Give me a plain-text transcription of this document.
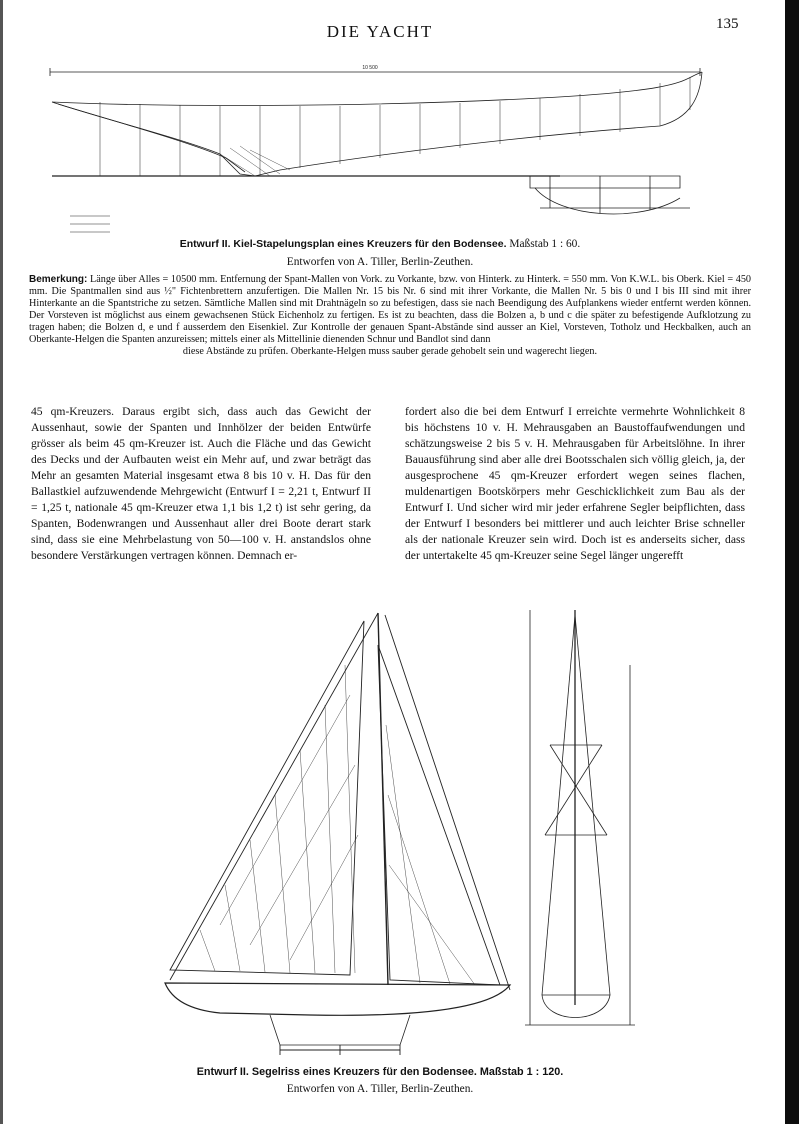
DIE YACHT	135
10 500
Entwurf II. Kiel-Stapelungsplan eines Kreuzers für den Bodensee. Maßstab 1 : 60.
Entworfen von A. Tiller, Berlin-Zeuthen.
Bemerkung: Länge über Alles = 10500 mm. Entfernung der Spant-Mallen von Vork. zu Vorkante, bzw. von Hinterk. zu Hinterk. = 550 mm. Von K.W.L. bis Oberk. Kiel = 450 mm. Die Spantmallen sind aus ½" Fichtenbrettern anzufertigen. Die Mallen Nr. 15 bis Nr. 6 sind mit ihrer Vorkante, die Mallen Nr. 5 bis 0 und I bis III sind mit ihrer Hinterkante an die Spantstriche zu setzen. Sämtliche Mallen sind mit Drahtnägeln so zu befestigen, dass sie nach Beendigung des Aufplankens wieder entfernt werden können. Der Vorsteven ist möglichst aus einem gewachsenen Stück Eichenholz zu fertigen. Es ist zu beachten, dass die Bolzen a, b und c die später zu befestigende Aufklotzung zu tragen haben; die Bolzen d, e und f ausserdem den Eisenkiel. Zur Kontrolle der genauen Spant-Abstände sind ausser an Kiel, Vorsteven, Totholz und Heckbalken, auch an Oberkante-Helgen die Spanten anzureissen; mittels einer als Mittellinie dienenden Schnur und Bandlot sind dann
diese Abstände zu prüfen. Oberkante-Helgen muss sauber gerade gehobelt sein und wagerecht liegen.

45 qm-Kreuzers. Daraus ergibt sich, dass auch das Gewicht der Aussenhaut, sowie der Spanten und Innhölzer der beiden Entwürfe grösser als beim 45 qm-Kreuzer ist. Auch die Fläche und das Gewicht des Decks und der Aufbauten weist ein Mehr auf, und zwar beträgt das Mehr an gesamten Material insgesamt etwa 8 bis 10 v. H. Das für den Ballastkiel aufzuwendende Mehrgewicht (Entwurf I = 2,21 t, Entwurf II = 1,25 t, nationale 45 qm-Kreuzer etwa 1,1 bis 1,2 t) ist sehr gering, da Spanten, Bodenwrangen und Aussenhaut aller drei Boote derart stark sind, dass sie eine Mehrbelastung von 50—100 v. H. anstandslos ohne besondere Verstärkungen vertragen können. Demnach er-

fordert also die bei dem Entwurf I erreichte vermehrte Wohnlichkeit 8 bis höchstens 10 v. H. Mehrausgaben an Baustoffaufwendungen und schätzungsweise 2 bis 5 v. H. Mehrausgaben für Arbeitslöhne. In ihrer Bauausführung sind aber alle drei Bootsschalen sich völlig gleich, ja, der ausgesprochene 45 qm-Kreuzer erfordert wegen seines flachen, muldenartigen Bootskörpers mehr Geschicklichkeit zum Bau als der Entwurf I. Und sicher wird mir jeder erfahrene Segler beipflichten, dass der Entwurf I besonders bei mittlerer und auch leichter Brise schneller als der nationale Kreuzer sein wird. Doch ist es anderseits sicher, dass der untertakelte 45 qm-Kreuzer seine Segel länger ungerefft

Entwurf II. Segelriss eines Kreuzers für den Bodensee. Maßstab 1 : 120.
Entworfen von A. Tiller, Berlin-Zeuthen.
